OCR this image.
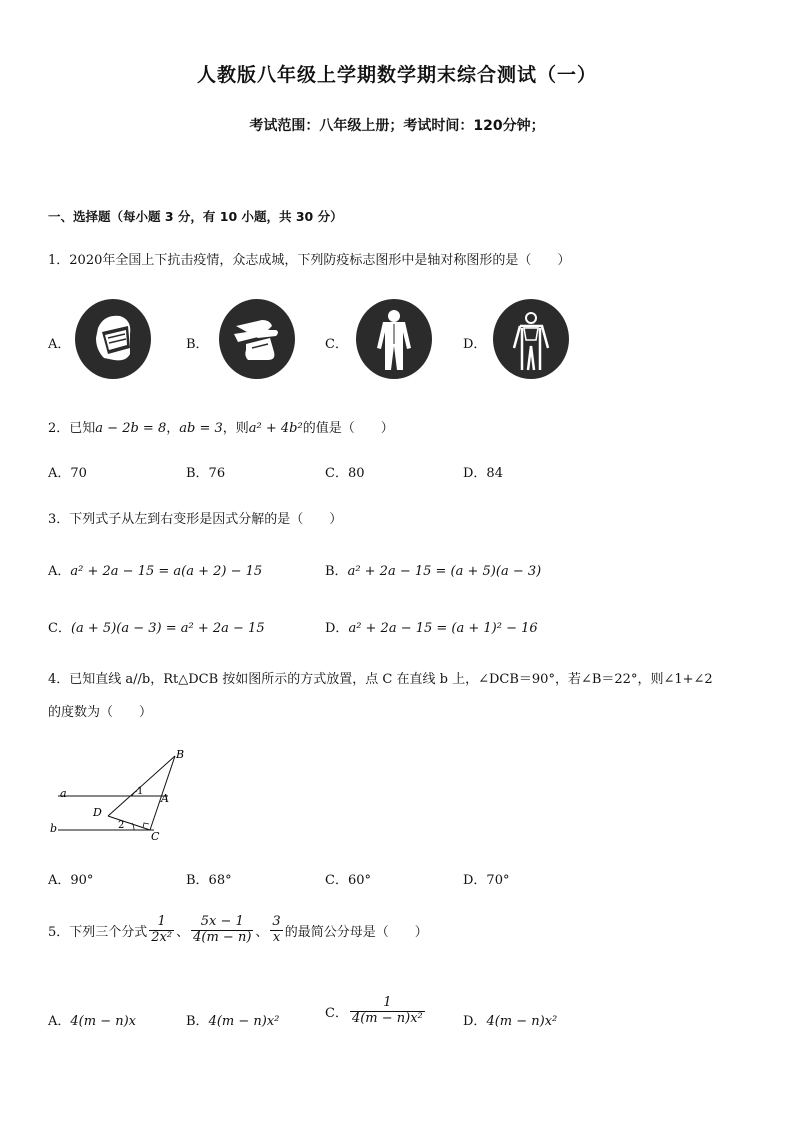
人教版八年级上学期数学期末综合测试（一）
考试范围：八年级上册；考试时间：120分钟；
一、选择题（每小题 3 分，有 10 小题，共 30 分）
1．2020年全国上下抗击疫情，众志成城，下列防疫标志图形中是轴对称图形的是（　　）
A．	B．	C．	D．
2．已知a − 2b = 8，ab = 3，则a² + 4b²的值是（　　）
A．70	B．76	C．80	D．84
3．下列式子从左到右变形是因式分解的是（　　）
A．a² + 2a − 15 = a(a + 2) − 15	B．a² + 2a − 15 = (a + 5)(a − 3)
C．(a + 5)(a − 3) = a² + 2a − 15	D．a² + 2a − 15 = (a + 1)² − 16
4．已知直线 a//b，Rt△DCB 按如图所示的方式放置，点 C 在直线 b 上，∠DCB＝90°，若∠B＝22°，则∠1+∠2
的度数为（　　）
B
a	1
A
D
b	2
C
A．90°	B．68°	C．60°	D．70°
5．下列三个分式 $\frac{1}{\text{2x²}}$ 、 $\frac{5x - 1}{4(m - n)}$ 、 $\frac{3}{x}$ 的最简公分母是（　　）
A．4(m − n)x	B．4(m − n)x²
C． $\frac{1}{\text{4(m − n)x²}}$	D．4(m − n)x²
